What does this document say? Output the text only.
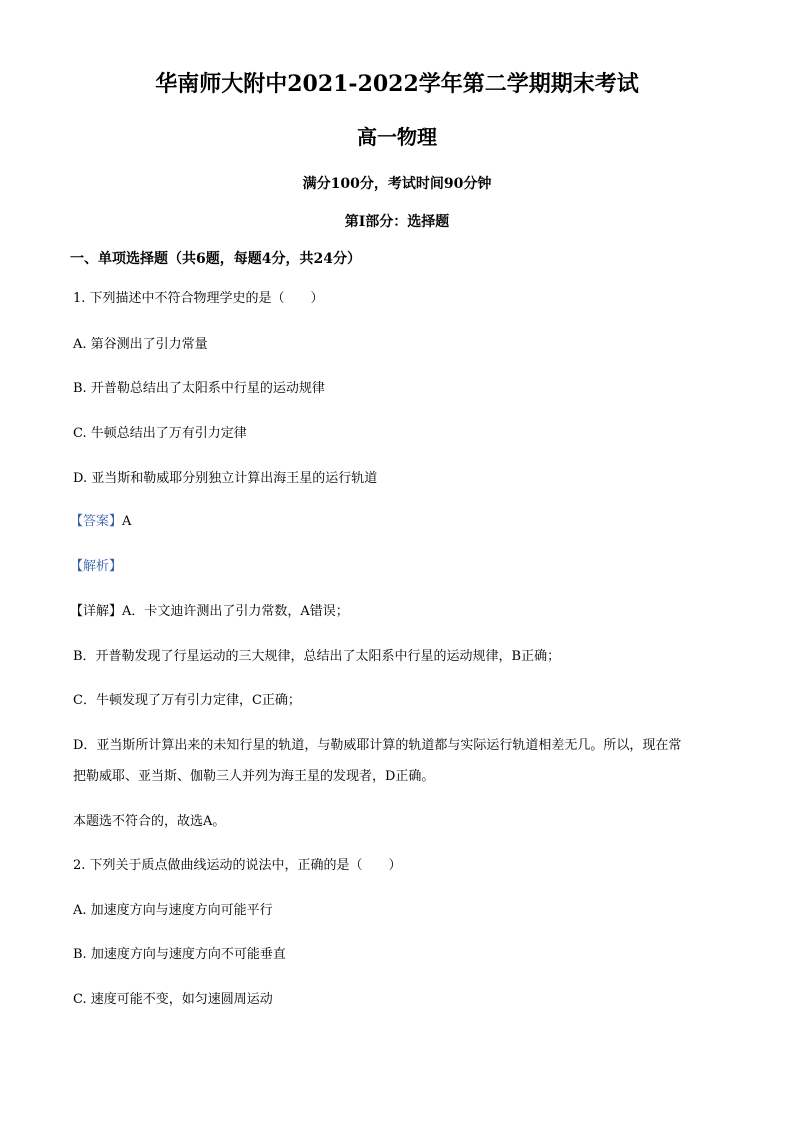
华南师大附中2021-2022学年第二学期期末考试
高一物理
满分100分，考试时间90分钟
第I部分：选择题
一、单项选择题（共6题，每题4分，共24分）
1. 下列描述中不符合物理学史的是（　　）
A. 第谷测出了引力常量
B. 开普勒总结出了太阳系中行星的运动规律
C. 牛顿总结出了万有引力定律
D. 亚当斯和勒威耶分别独立计算出海王星的运行轨道
【答案】A
【解析】
【详解】A．卡文迪许测出了引力常数，A错误；
B．开普勒发现了行星运动的三大规律，总结出了太阳系中行星的运动规律，B正确；
C．牛顿发现了万有引力定律，C正确；
D．亚当斯所计算出来的未知行星的轨道，与勒威耶计算的轨道都与实际运行轨道相差无几。所以，现在常
把勒威耶、亚当斯、伽勒三人并列为海王星的发现者，D正确。
本题选不符合的，故选A。
2. 下列关于质点做曲线运动的说法中，正确的是（　　）
A. 加速度方向与速度方向可能平行
B. 加速度方向与速度方向不可能垂直
C. 速度可能不变，如匀速圆周运动
